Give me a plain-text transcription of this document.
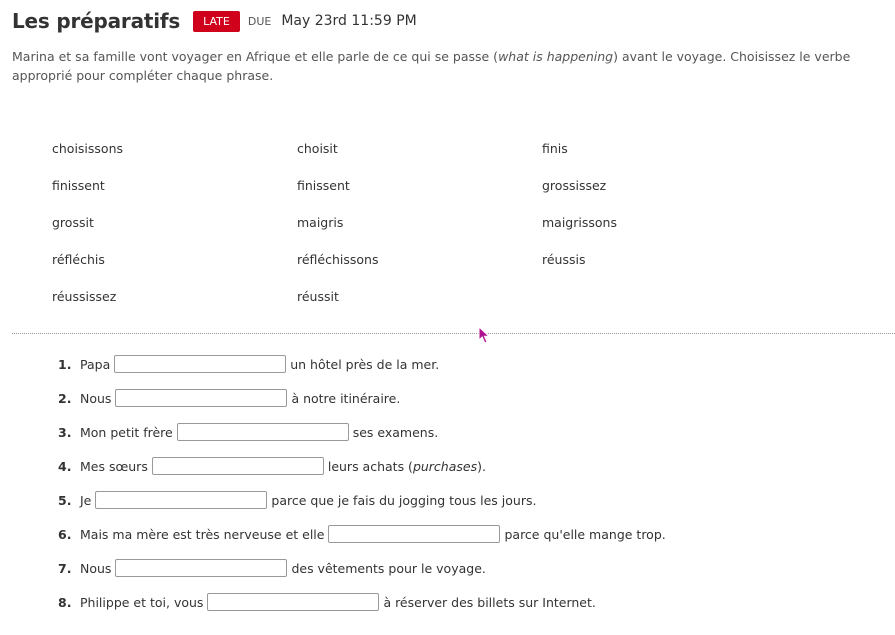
Les préparatifs	LATE	DUE May 23rd 11:59 PM
Marina et sa famille vont voyager en Afrique et elle parle de ce qui se passe (what is happening) avant le voyage. Choisissez le verbe approprié pour compléter chaque phrase.
choisissons	choisit	finis
finissent	finissent	grossissez
grossit	maigris	maigrissons
réfléchis	réfléchissons	réussis
réussissez	réussit
1. Papa	un hôtel près de la mer.
2. Nous	à notre itinéraire.
3. Mon petit frère	ses examens.
4. Mes sœurs	leurs achats (purchases).
5. Je	parce que je fais du jogging tous les jours.
6. Mais ma mère est très nerveuse et elle	parce qu'elle mange trop.
7. Nous	des vêtements pour le voyage.
8. Philippe et toi, vous	à réserver des billets sur Internet.
